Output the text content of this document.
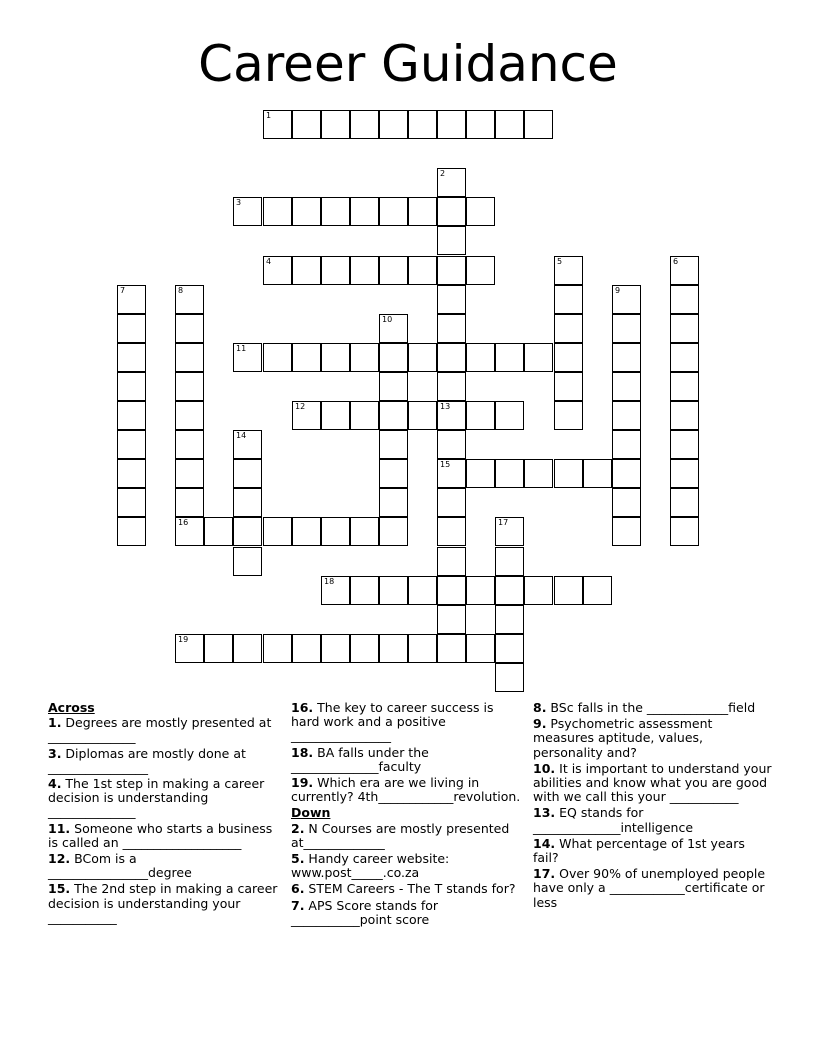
Career Guidance
1
2
13
15
3
4	5	6
7	8	9
10
11
12
14
16	17
18
19
Across
1. Degrees are mostly presented at ______________
3. Diplomas are mostly done at ________________
4. The 1st step in making a career decision is understanding ______________
11. Someone who starts a business is called an ___________________
12. BCom is a ________________degree
15. The 2nd step in making a career decision is understanding your ___________
16. The key to career success is hard work and a positive ________________
18. BA falls under the ______________faculty
19. Which era are we living in currently? 4th____________revolution.
Down
2. N Courses are mostly presented at_____________
5. Handy career website: www.post_____.co.za
6. STEM Careers - The T stands for?
7. APS Score stands for ___________point score
8. BSc falls in the _____________field
9. Psychometric assessment measures aptitude, values, personality and?
10. It is important to understand your abilities and know what you are good with we call this your ___________
13. EQ stands for ______________intelligence
14. What percentage of 1st years fail?
17. Over 90% of unemployed people have only a ____________certificate or less
